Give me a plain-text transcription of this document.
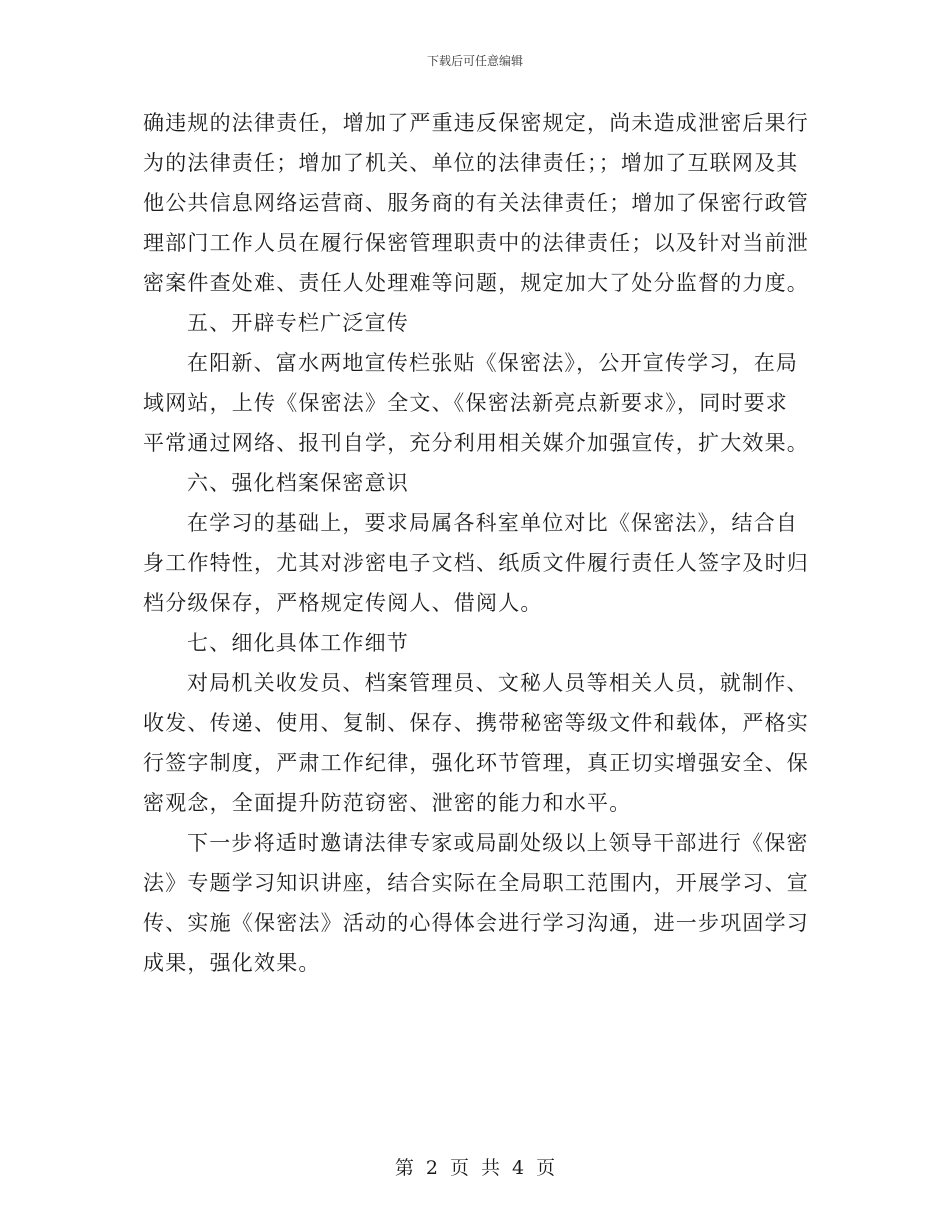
下载后可任意编辑

确违规的法律责任，增加了严重违反保密规定，尚未造成泄密后果行
为的法律责任；增加了机关、单位的法律责任；；增加了互联网及其
他公共信息网络运营商、服务商的有关法律责任；增加了保密行政管
理部门工作人员在履行保密管理职责中的法律责任；以及针对当前泄
密案件查处难、责任人处理难等问题，规定加大了处分监督的力度。

五、开辟专栏广泛宣传

在阳新、富水两地宣传栏张贴《保密法》，公开宣传学习，在局
域网站，上传《保密法》全文、《保密法新亮点新要求》，同时要求
平常通过网络、报刊自学，充分利用相关媒介加强宣传，扩大效果。

六、强化档案保密意识

在学习的基础上，要求局属各科室单位对比《保密法》，结合自
身工作特性，尤其对涉密电子文档、纸质文件履行责任人签字及时归
档分级保存，严格规定传阅人、借阅人。

七、细化具体工作细节

对局机关收发员、档案管理员、文秘人员等相关人员，就制作、
收发、传递、使用、复制、保存、携带秘密等级文件和载体，严格实
行签字制度，严肃工作纪律，强化环节管理，真正切实增强安全、保
密观念，全面提升防范窃密、泄密的能力和水平。

下一步将适时邀请法律专家或局副处级以上领导干部进行《保密
法》专题学习知识讲座，结合实际在全局职工范围内，开展学习、宣
传、实施《保密法》活动的心得体会进行学习沟通，进一步巩固学习
成果，强化效果。

第 2 页 共 4 页
